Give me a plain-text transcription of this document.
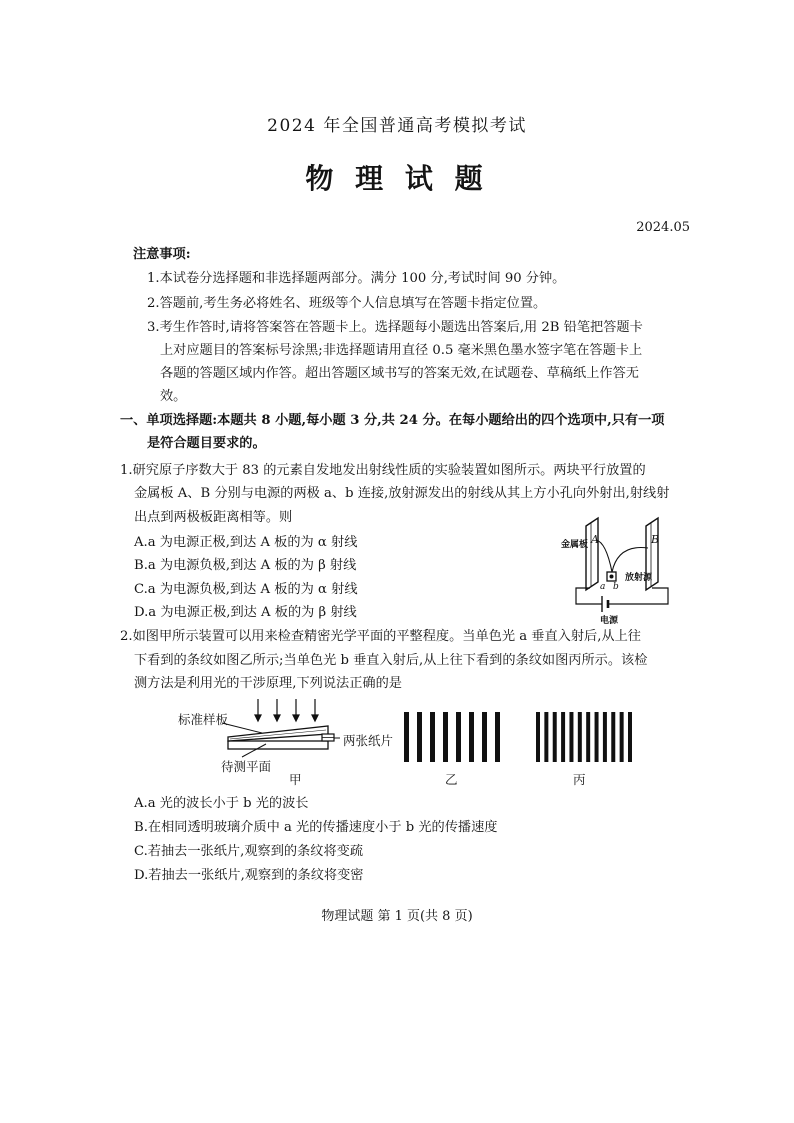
2024 年全国普通高考模拟考试
物 理 试 题
2024.05
注意事项:
1.本试卷分选择题和非选择题两部分。满分 100 分,考试时间 90 分钟。
2.答题前,考生务必将姓名、班级等个人信息填写在答题卡指定位置。
3.考生作答时,请将答案答在答题卡上。选择题每小题选出答案后,用 2B 铅笔把答题卡
上对应题目的答案标号涂黑;非选择题请用直径 0.5 毫米黑色墨水签字笔在答题卡上
各题的答题区域内作答。超出答题区域书写的答案无效,在试题卷、草稿纸上作答无
效。
一、单项选择题:本题共 8 小题,每小题 3 分,共 24 分。在每小题给出的四个选项中,只有一项
是符合题目要求的。
1.研究原子序数大于 83 的元素自发地发出射线性质的实验装置如图所示。两块平行放置的
金属板 A、B 分别与电源的两极 a、b 连接,放射源发出的射线从其上方小孔向外射出,射线射
出点到两极板距离相等。则
A.a 为电源正极,到达 A 板的为 α 射线
B.a 为电源负极,到达 A 板的为 β 射线
C.a 为电源负极,到达 A 板的为 α 射线
D.a 为电源正极,到达 A 板的为 β 射线
金属板 A	B
放射源
a b
电源
2.如图甲所示装置可以用来检查精密光学平面的平整程度。当单色光 a 垂直入射后,从上往
下看到的条纹如图乙所示;当单色光 b 垂直入射后,从上往下看到的条纹如图丙所示。该检
测方法是利用光的干涉原理,下列说法正确的是
标准样板
两张纸片
待测平面
甲	乙	丙
A.a 光的波长小于 b 光的波长
B.在相同透明玻璃介质中 a 光的传播速度小于 b 光的传播速度
C.若抽去一张纸片,观察到的条纹将变疏
D.若抽去一张纸片,观察到的条纹将变密
物理试题 第 1 页(共 8 页)
